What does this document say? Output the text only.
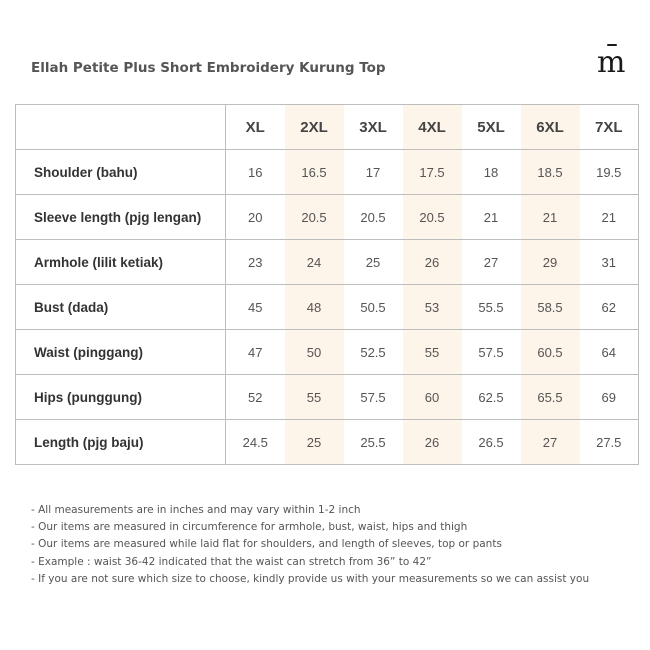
Ellah Petite Plus Short Embroidery Kurung Top	m
	XL	2XL	3XL	4XL	5XL	6XL	7XL
Shoulder (bahu)	16	16.5	17	17.5	18	18.5	19.5
Sleeve length (pjg lengan)	20	20.5	20.5	20.5	21	21	21
Armhole (lilit ketiak)	23	24	25	26	27	29	31
Bust (dada)	45	48	50.5	53	55.5	58.5	62
Waist (pinggang)	47	50	52.5	55	57.5	60.5	64
Hips (punggung)	52	55	57.5	60	62.5	65.5	69
Length (pjg baju)	24.5	25	25.5	26	26.5	27	27.5
- All measurements are in inches and may vary within 1-2 inch
- Our items are measured in circumference for armhole, bust, waist, hips and thigh
- Our items are measured while laid flat for shoulders, and length of sleeves, top or pants
- Example : waist 36-42 indicated that the waist can stretch from 36” to 42”
- If you are not sure which size to choose, kindly provide us with your measurements so we can assist you
